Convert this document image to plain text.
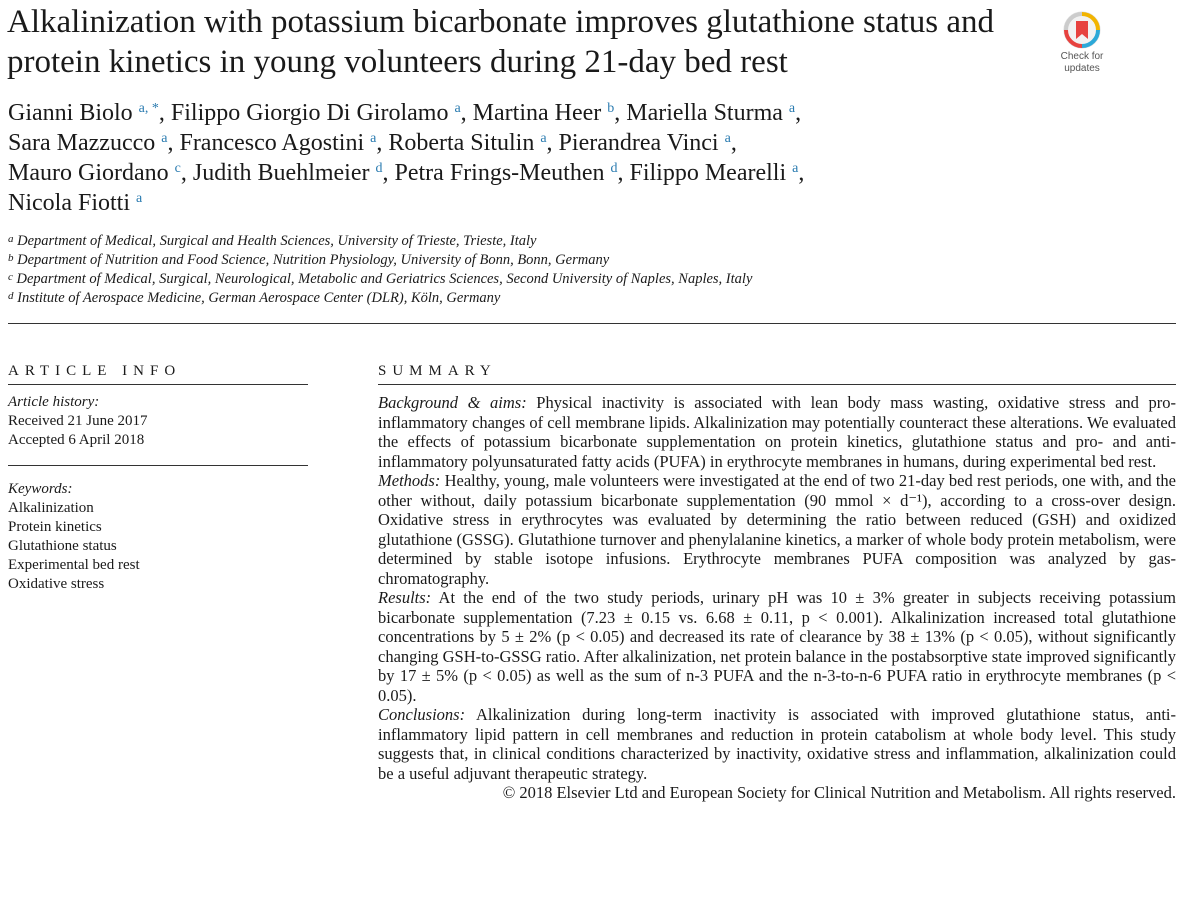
Alkalinization with potassium bicarbonate improves glutathione status and protein kinetics in young volunteers during 21-day bed rest	Check for
updates

Gianni Biolo $^{a, *}$, Filippo Giorgio Di Girolamo $^a$, Martina Heer $^b$, Mariella Sturma $^a$,
Sara Mazzucco $^a$, Francesco Agostini $^a$, Roberta Situlin $^a$, Pierandrea Vinci $^a$,
Mauro Giordano $^c$, Judith Buehlmeier $^d$, Petra Frings-Meuthen $^d$, Filippo Mearelli $^a$,
Nicola Fiotti $^a$

$^a$ Department of Medical, Surgical and Health Sciences, University of Trieste, Trieste, Italy
$^b$ Department of Nutrition and Food Science, Nutrition Physiology, University of Bonn, Bonn, Germany
$^c$ Department of Medical, Surgical, Neurological, Metabolic and Geriatrics Sciences, Second University of Naples, Naples, Italy
$^d$ Institute of Aerospace Medicine, German Aerospace Center (DLR), Köln, Germany
ARTICLE INFO
Article history:
Received 21 June 2017
Accepted 6 April 2018
Keywords:
Alkalinization
Protein kinetics
Glutathione status
Experimental bed rest
Oxidative stress
SUMMARY

Background & aims: Physical inactivity is associated with lean body mass wasting, oxidative stress and pro-inflammatory changes of cell membrane lipids. Alkalinization may potentially counteract these alterations. We evaluated the effects of potassium bicarbonate supplementation on protein kinetics, glutathione status and pro- and anti-inflammatory polyunsaturated fatty acids (PUFA) in erythrocyte membranes in humans, during experimental bed rest.

Methods: Healthy, young, male volunteers were investigated at the end of two 21-day bed rest periods, one with, and the other without, daily potassium bicarbonate supplementation (90 mmol × d⁻¹), according to a cross-over design. Oxidative stress in erythrocytes was evaluated by determining the ratio between reduced (GSH) and oxidized glutathione (GSSG). Glutathione turnover and phenylalanine kinetics, a marker of whole body protein metabolism, were determined by stable isotope infusions. Erythrocyte membranes PUFA composition was analyzed by gas-chromatography.

Results: At the end of the two study periods, urinary pH was 10 ± 3% greater in subjects receiving potassium bicarbonate supplementation (7.23 ± 0.15 vs. 6.68 ± 0.11, p < 0.001). Alkalinization increased total glutathione concentrations by 5 ± 2% (p < 0.05) and decreased its rate of clearance by 38 ± 13% (p < 0.05), without significantly changing GSH-to-GSSG ratio. After alkalinization, net protein balance in the postabsorptive state improved significantly by 17 ± 5% (p < 0.05) as well as the sum of n-3 PUFA and the n-3-to-n-6 PUFA ratio in erythrocyte membranes (p < 0.05).

Conclusions: Alkalinization during long-term inactivity is associated with improved glutathione status, anti-inflammatory lipid pattern in cell membranes and reduction in protein catabolism at whole body level. This study suggests that, in clinical conditions characterized by inactivity, oxidative stress and inflammation, alkalinization could be a useful adjuvant therapeutic strategy.

© 2018 Elsevier Ltd and European Society for Clinical Nutrition and Metabolism. All rights reserved.
